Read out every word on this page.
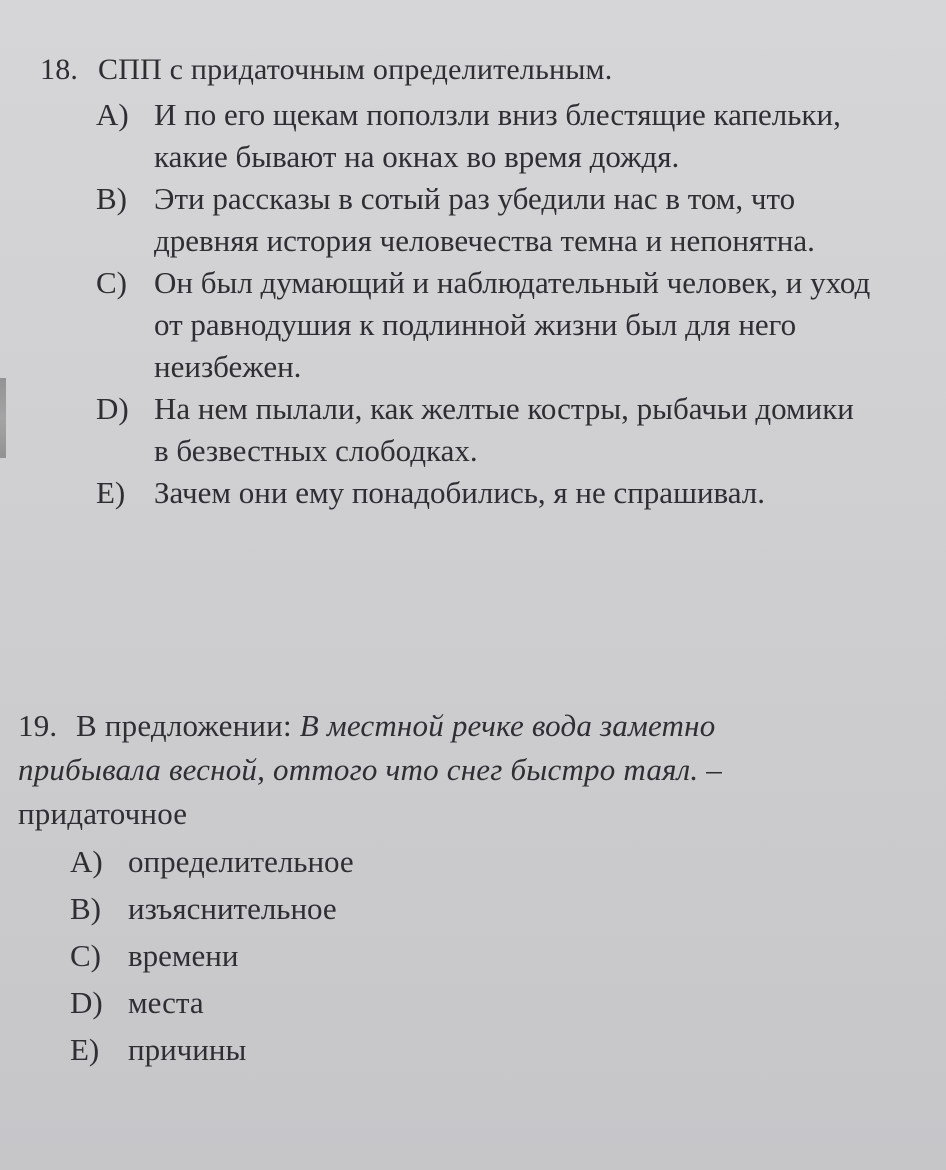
18. СПП с придаточным определительным.
A) И по его щекам поползли вниз блестящие капельки, какие бывают на окнах во время дождя.
B) Эти рассказы в сотый раз убедили нас в том, что древняя история человечества темна и непонятна.
C) Он был думающий и наблюдательный человек, и уход от равнодушия к подлинной жизни был для него неизбежен.
D) На нем пылали, как желтые костры, рыбачьи домики в безвестных слободках.
E) Зачем они ему понадобились, я не спрашивал.
19. В предложении: В местной речке вода заметно прибывала весной, оттого что снег быстро таял. – придаточное
A) определительное
B) изъяснительное
C) времени
D) места
E) причины
